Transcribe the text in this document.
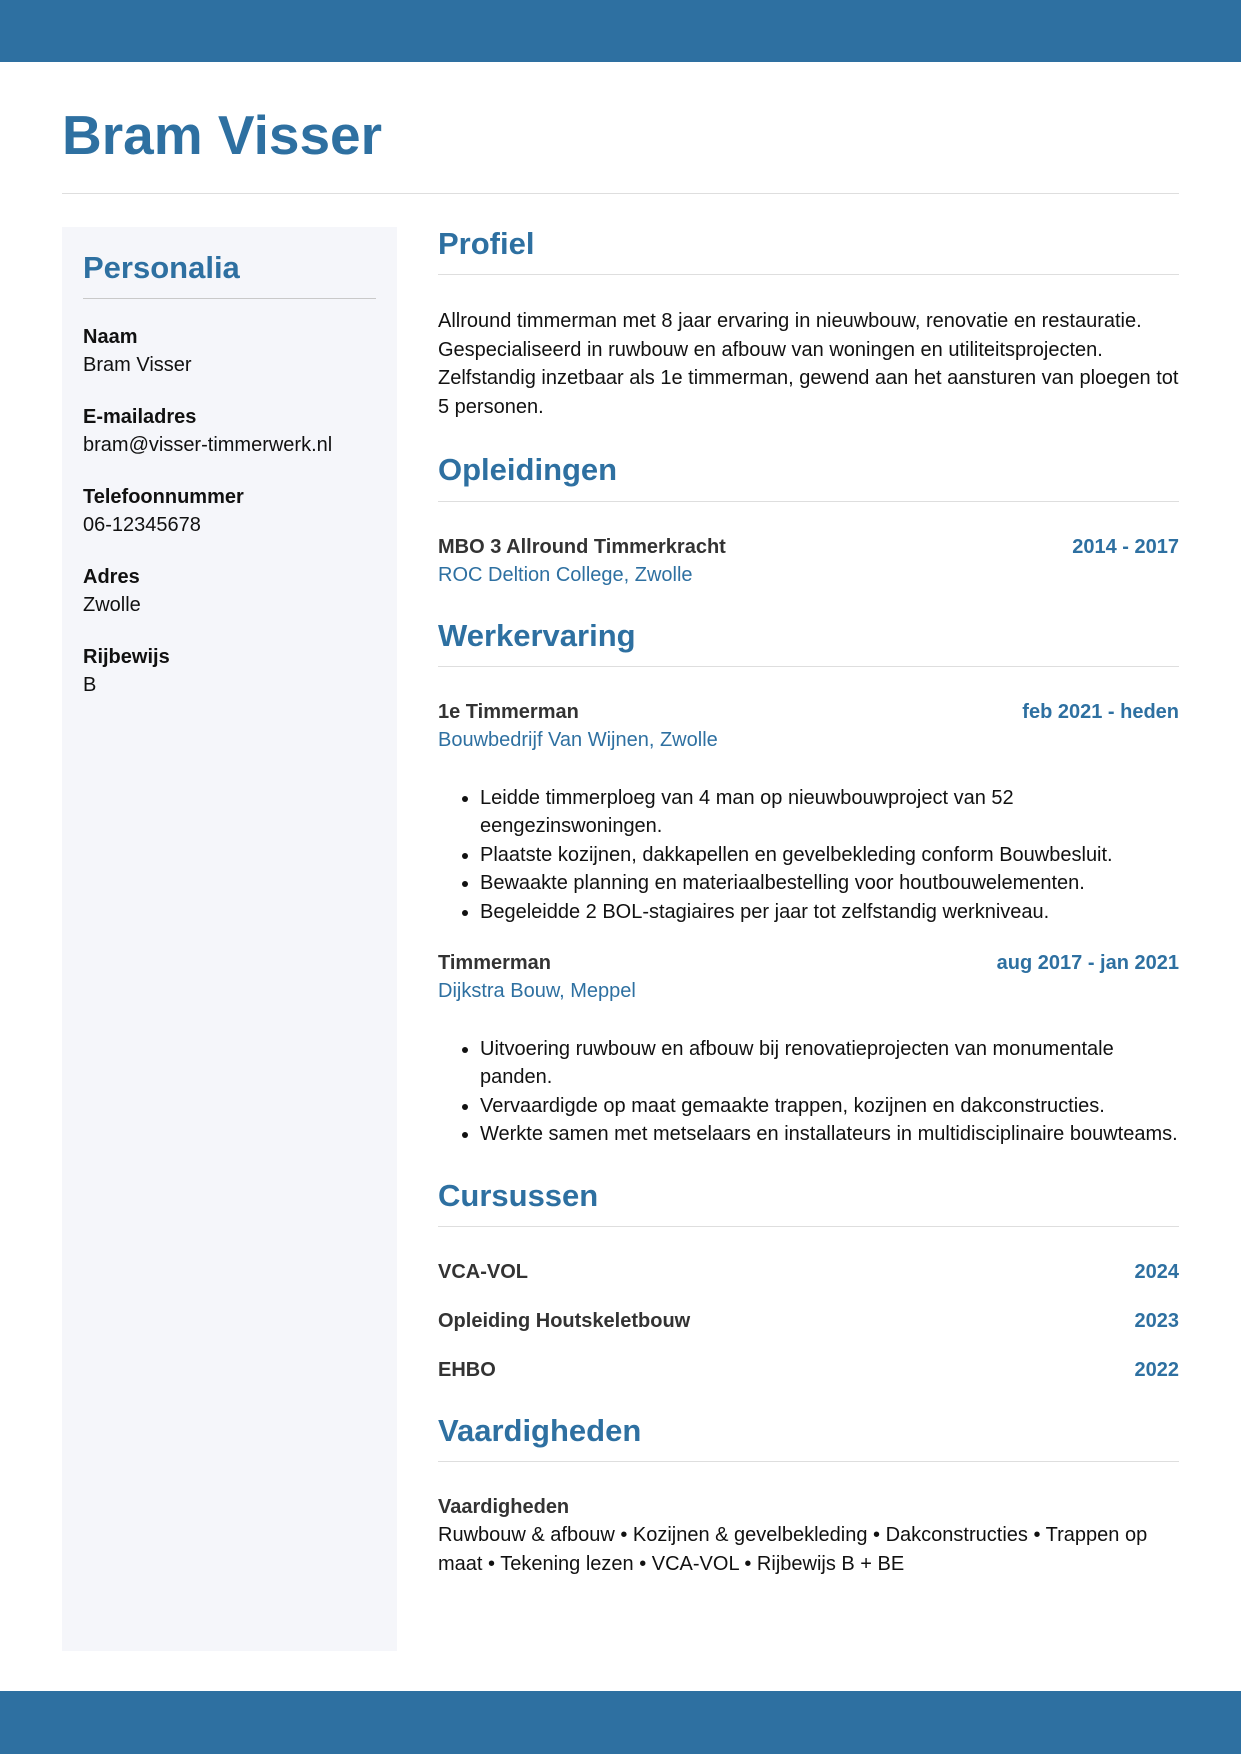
Bram Visser
Personalia
Naam
Bram Visser
E-mailadres
bram@visser-timmerwerk.nl
Telefoonnummer
06-12345678
Adres
Zwolle
Rijbewijs
B
Profiel

Allround timmerman met 8 jaar ervaring in nieuwbouw, renovatie en restauratie. Gespecialiseerd in ruwbouw en afbouw van woningen en utiliteitsprojecten. Zelfstandig inzetbaar als 1e timmerman, gewend aan het aansturen van ploegen tot 5 personen.

Opleidingen
MBO 3 Allround Timmerkracht	2014 - 2017
ROC Deltion College, Zwolle
Werkervaring
1e Timmerman	feb 2021 - heden
Bouwbedrijf Van Wijnen, Zwolle
• Leidde timmerploeg van 4 man op nieuwbouwproject van 52 eengezinswoningen.
• Plaatste kozijnen, dakkapellen en gevelbekleding conform Bouwbesluit.
• Bewaakte planning en materiaalbestelling voor houtbouwelementen.
• Begeleidde 2 BOL-stagiaires per jaar tot zelfstandig werkniveau.
Timmerman	aug 2017 - jan 2021
Dijkstra Bouw, Meppel
• Uitvoering ruwbouw en afbouw bij renovatieprojecten van monumentale panden.
• Vervaardigde op maat gemaakte trappen, kozijnen en dakconstructies.
• Werkte samen met metselaars en installateurs in multidisciplinaire bouwteams.
Cursussen
VCA-VOL	2024
Opleiding Houtskeletbouw	2023
EHBO	2022
Vaardigheden
Vaardigheden
Ruwbouw & afbouw • Kozijnen & gevelbekleding • Dakconstructies • Trappen op maat • Tekening lezen • VCA-VOL • Rijbewijs B + BE
